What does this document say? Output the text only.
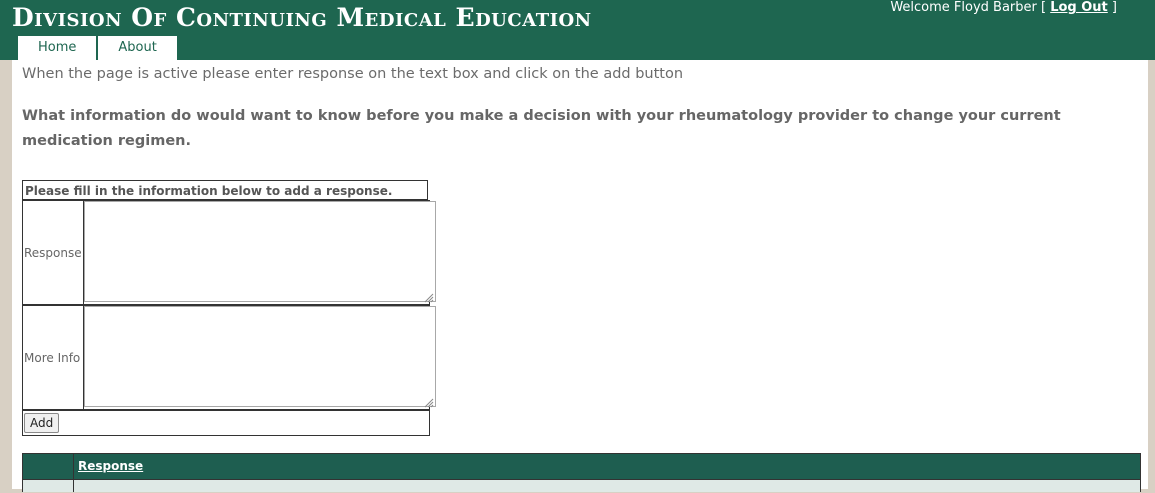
Division Of Continuing Medical Education	Welcome Floyd Barber [ Log Out ]
Home	About
When the page is active please enter response on the text box and click on the add button
What information do would want to know before you make a decision with your rheumatology provider to change your current medication regimen.
Please fill in the information below to add a response.
Response
More Info
Add
Response
